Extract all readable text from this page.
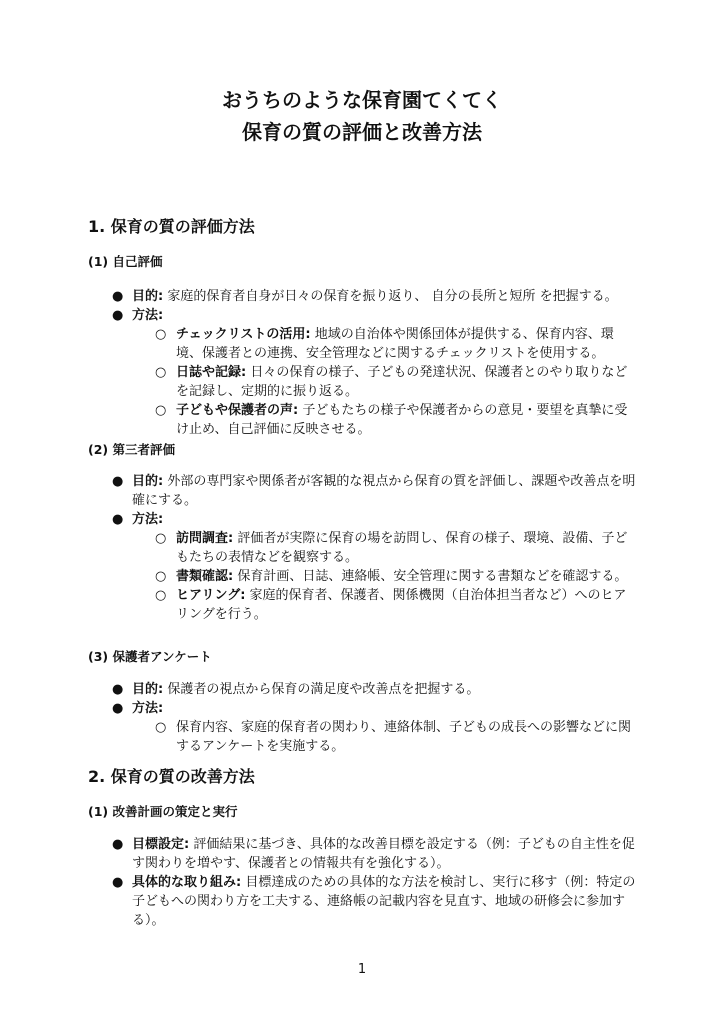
おうちのような保育園てくてく
保育の質の評価と改善方法
1. 保育の質の評価方法
(1) 自己評価
● 目的: 家庭的保育者自身が日々の保育を振り返り、 自分の長所と短所 を把握する。
● 方法:
○ チェックリストの活用: 地域の自治体や関係団体が提供する、保育内容、環境、保護者との連携、安全管理などに関するチェックリストを使用する。
○ 日誌や記録: 日々の保育の様子、子どもの発達状況、保護者とのやり取りなどを記録し、定期的に振り返る。
○ 子どもや保護者の声: 子どもたちの様子や保護者からの意見・要望を真摯に受け止め、自己評価に反映させる。
(2) 第三者評価
● 目的: 外部の専門家や関係者が客観的な視点から保育の質を評価し、課題や改善点を明確にする。
● 方法:
○ 訪問調査: 評価者が実際に保育の場を訪問し、保育の様子、環境、設備、子どもたちの表情などを観察する。
○ 書類確認: 保育計画、日誌、連絡帳、安全管理に関する書類などを確認する。
○ ヒアリング: 家庭的保育者、保護者、関係機関（自治体担当者など）へのヒアリングを行う。
(3) 保護者アンケート
● 目的: 保護者の視点から保育の満足度や改善点を把握する。
● 方法:
○ 保育内容、家庭的保育者の関わり、連絡体制、子どもの成長への影響などに関するアンケートを実施する。
2. 保育の質の改善方法
(1) 改善計画の策定と実行
● 目標設定: 評価結果に基づき、具体的な改善目標を設定する（例：子どもの自主性を促す関わりを増やす、保護者との情報共有を強化する）。
● 具体的な取り組み: 目標達成のための具体的な方法を検討し、実行に移す（例：特定の子どもへの関わり方を工夫する、連絡帳の記載内容を見直す、地域の研修会に参加する）。
1
